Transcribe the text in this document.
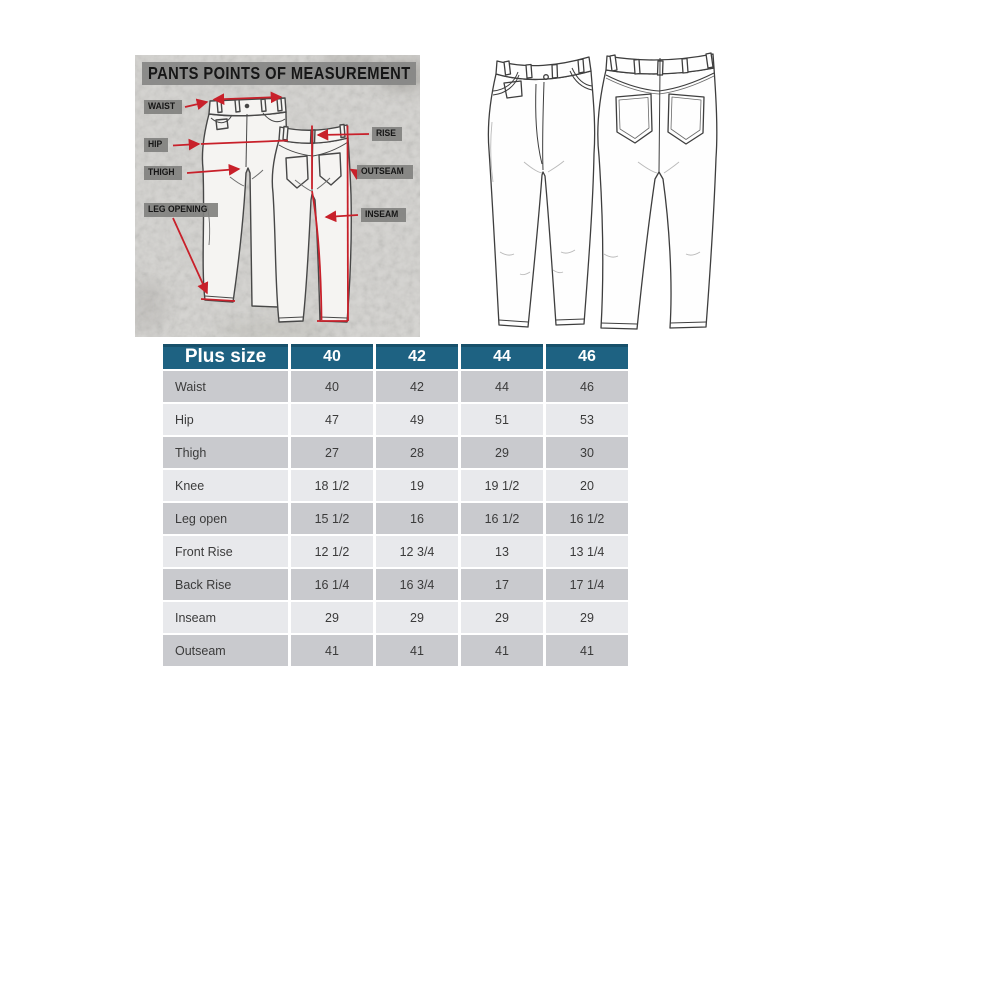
PANTS POINTS OF MEASUREMENT
WAIST
HIP
THIGH
LEG OPENING
RISE
OUTSEAM
INSEAM
Plus size	40	42	44	46
Waist	40	42	44	46
Hip	47	49	51	53
Thigh	27	28	29	30
Knee	18 1/2	19	19 1/2	20
Leg open	15 1/2	16	16 1/2	16 1/2
Front Rise	12 1/2	12 3/4	13	13 1/4
Back Rise	16 1/4	16 3/4	17	17 1/4
Inseam	29	29	29	29
Outseam	41	41	41	41
